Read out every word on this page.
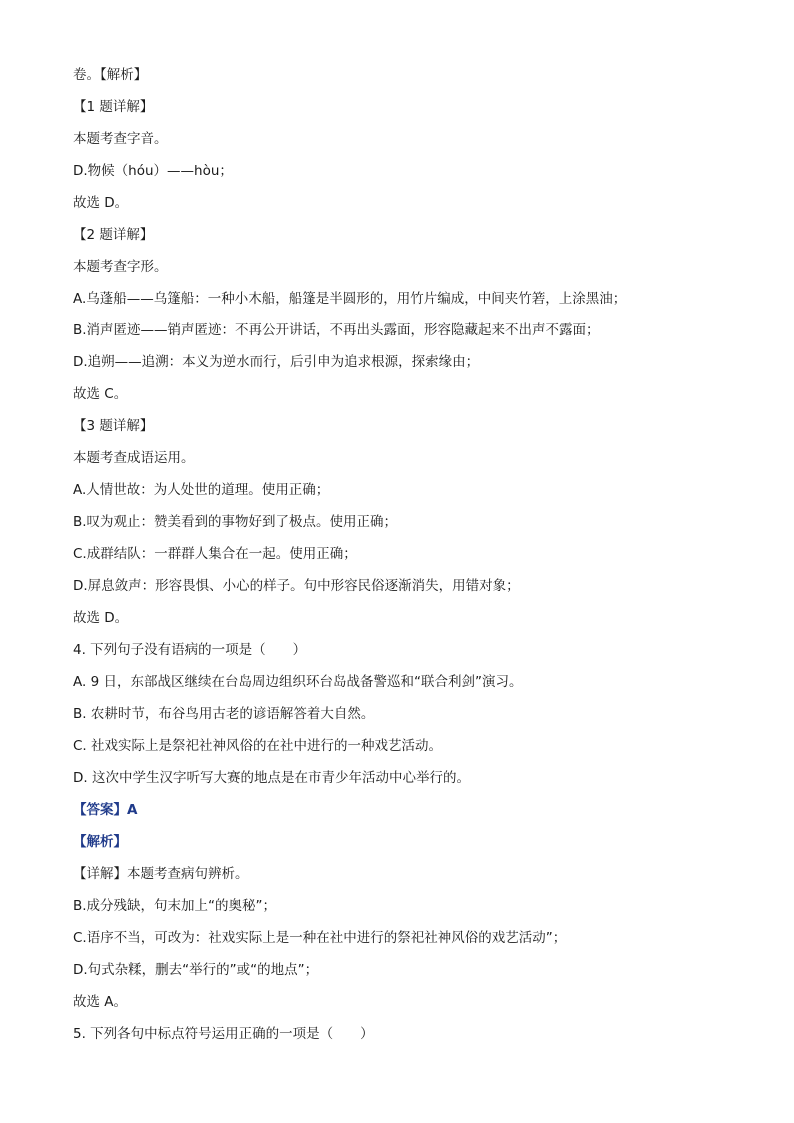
卷。【解析】

【1 题详解】

本题考查字音。

D.物候（hóu）——hòu；

故选 D。

【2 题详解】

本题考查字形。

A.乌蓬船——乌篷船：一种小木船，船篷是半圆形的，用竹片编成，中间夹竹箬，上涂黑油；

B.消声匿迹——销声匿迹：不再公开讲话，不再出头露面，形容隐藏起来不出声不露面；

D.追朔——追溯：本义为逆水而行，后引申为追求根源，探索缘由；

故选 C。

【3 题详解】

本题考查成语运用。

A.人情世故：为人处世的道理。使用正确；

B.叹为观止：赞美看到的事物好到了极点。使用正确；

C.成群结队：一群群人集合在一起。使用正确；

D.屏息敛声：形容畏惧、小心的样子。句中形容民俗逐渐消失，用错对象；

故选 D。

4. 下列句子没有语病的一项是（　　）

A. 9 日，东部战区继续在台岛周边组织环台岛战备警巡和“联合利剑”演习。

B. 农耕时节，布谷鸟用古老的谚语解答着大自然。

C. 社戏实际上是祭祀社神风俗的在社中进行的一种戏艺活动。

D. 这次中学生汉字听写大赛的地点是在市青少年活动中心举行的。

【答案】A

【解析】

【详解】本题考查病句辨析。

B.成分残缺，句末加上“的奥秘”；

C.语序不当，可改为：社戏实际上是一种在社中进行的祭祀社神风俗的戏艺活动”；

D.句式杂糅，删去“举行的”或“的地点”；

故选 A。

5. 下列各句中标点符号运用正确的一项是（　　）
